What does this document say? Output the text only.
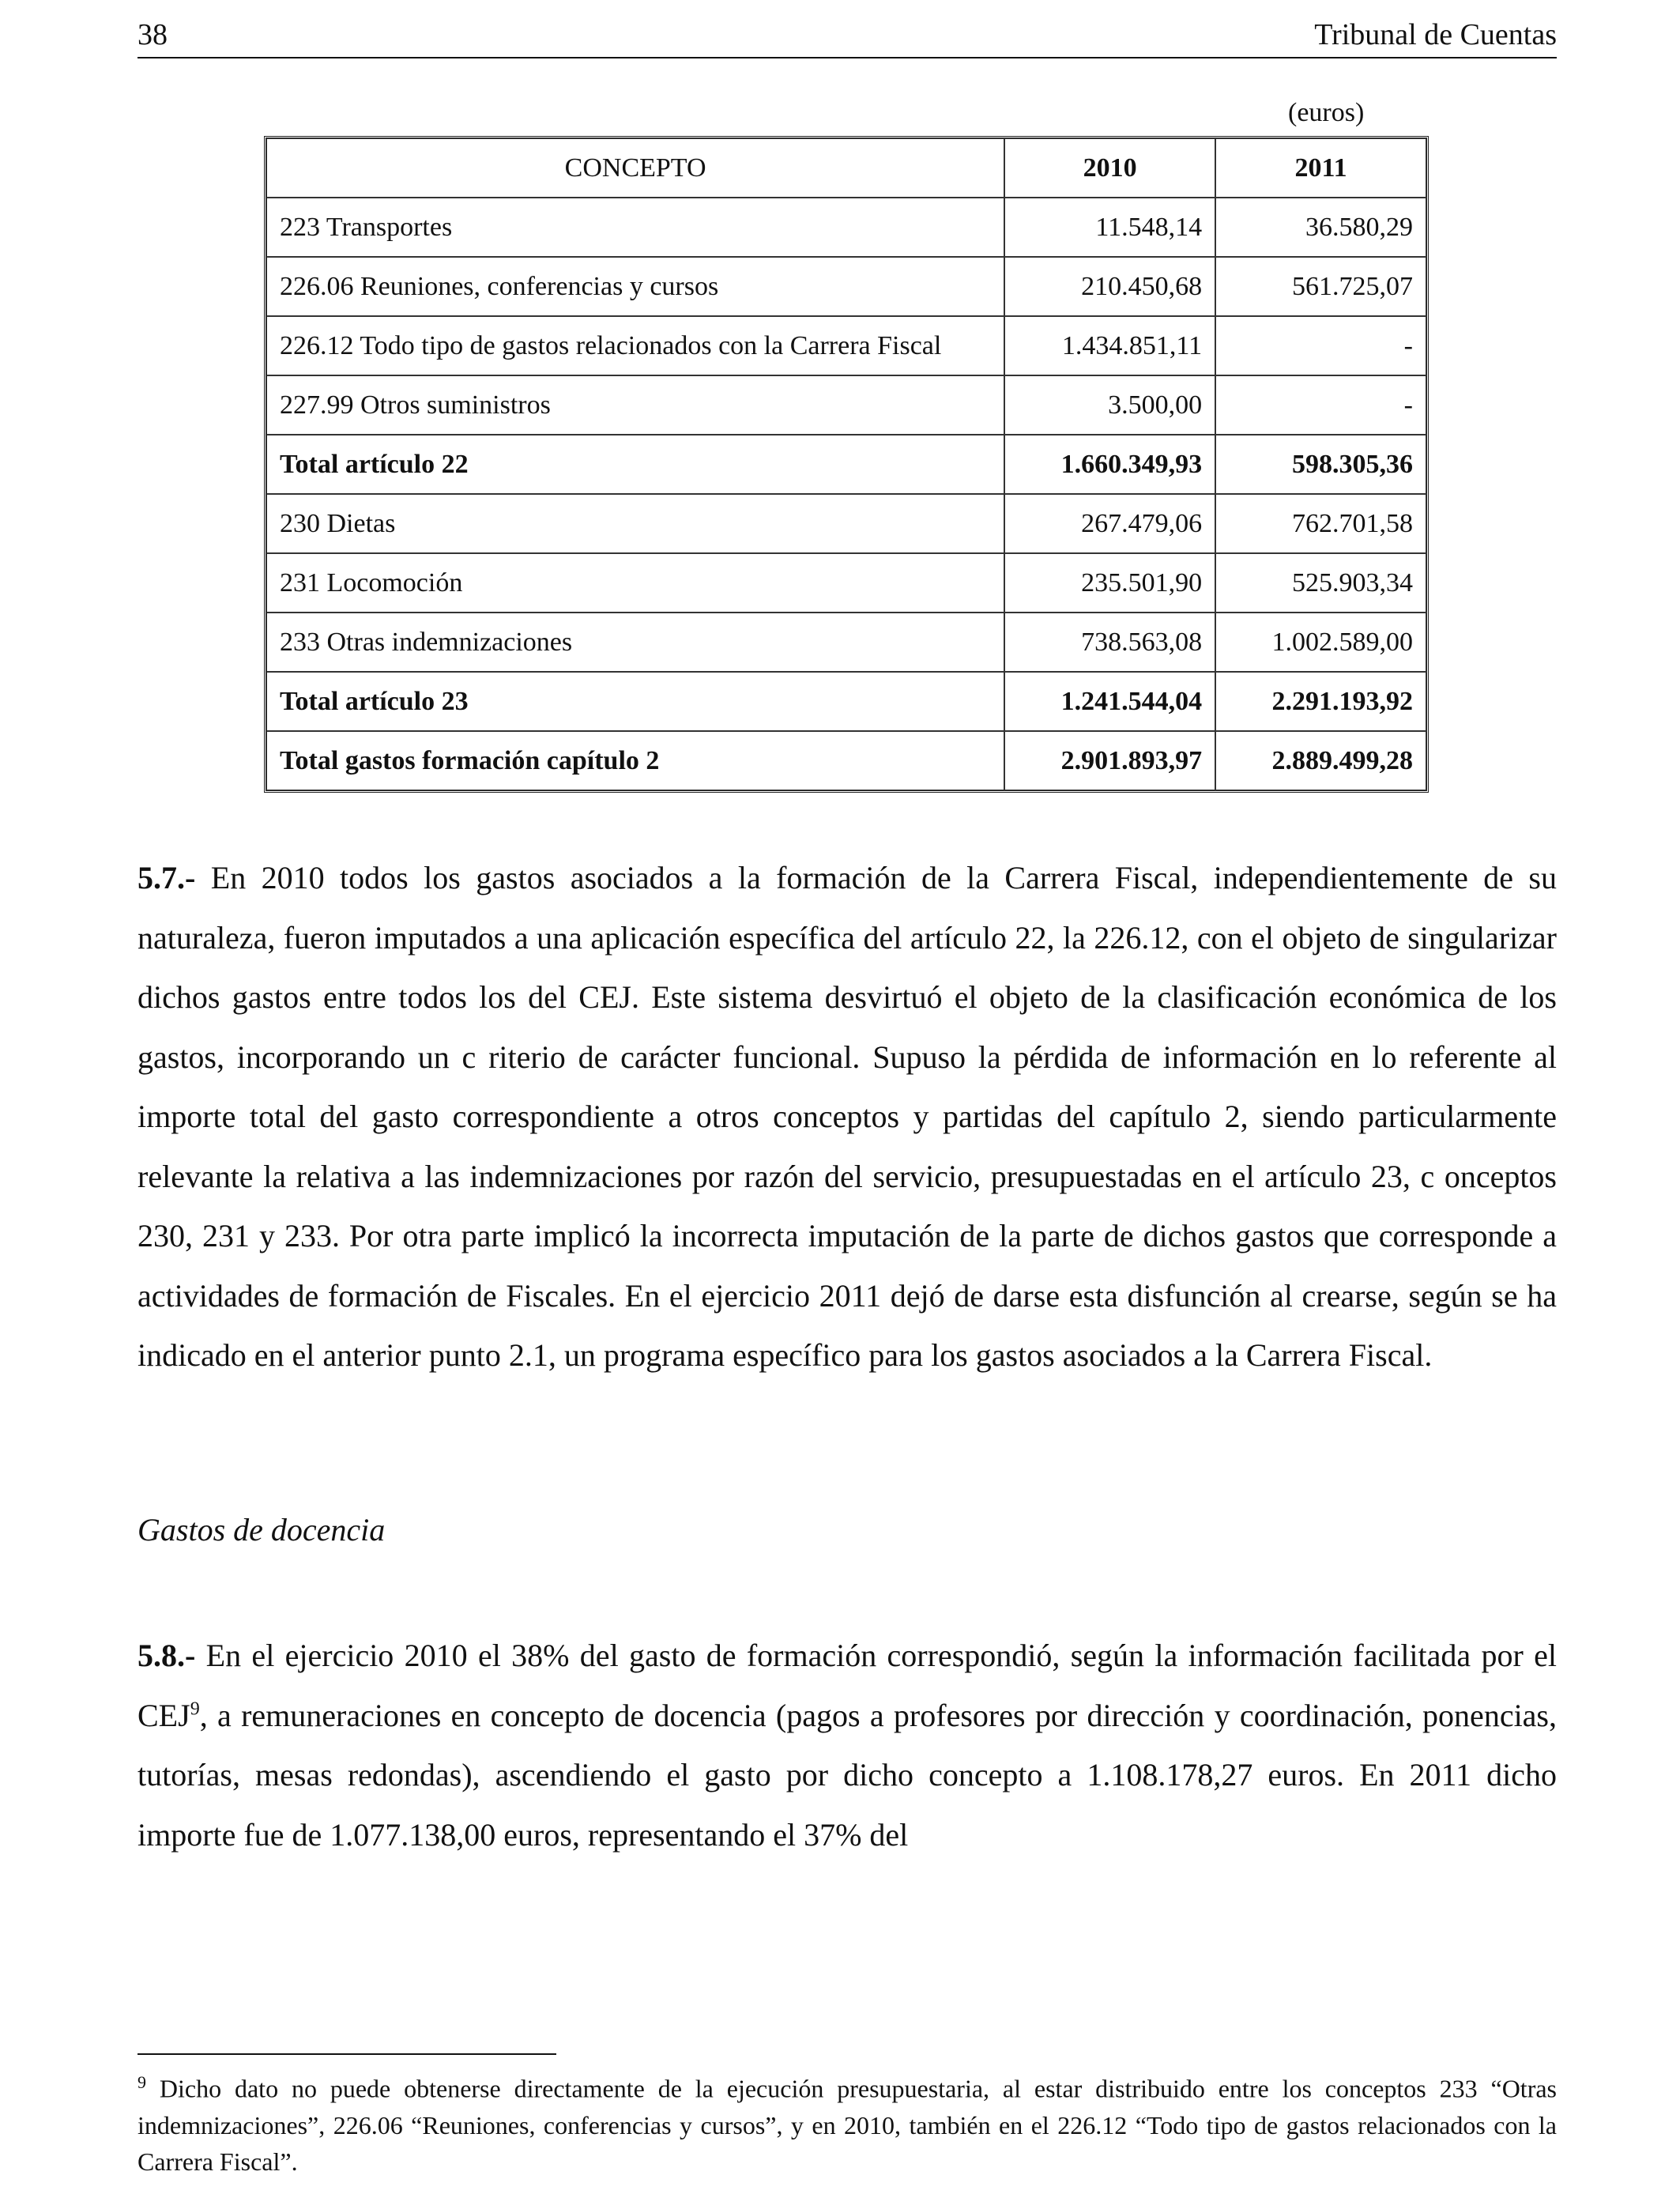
38	Tribunal de Cuentas
(euros)
CONCEPTO	2010	2011
223 Transportes	11.548,14	36.580,29
226.06 Reuniones, conferencias y cursos	210.450,68	561.725,07
226.12 Todo tipo de gastos relacionados con la Carrera Fiscal	1.434.851,11	-
227.99 Otros suministros	3.500,00	-
Total artículo 22	1.660.349,93	598.305,36
230 Dietas	267.479,06	762.701,58
231 Locomoción	235.501,90	525.903,34
233 Otras indemnizaciones	738.563,08	1.002.589,00
Total artículo 23	1.241.544,04	2.291.193,92
Total gastos formación capítulo 2	2.901.893,97	2.889.499,28

5.7.- En 2010 todos los gastos asociados a la formación de la Carrera Fiscal, independientemente de su naturaleza, fueron imputados a una aplicación específica del artículo 22, la 226.12, con el objeto de singularizar dichos gastos entre todos los del CEJ. Este sistema desvirtuó el objeto de la clasificación económica de los gastos, incorporando un c riterio de carácter funcional. Supuso la pérdida de información en lo referente al importe total del gasto correspondiente a otros conceptos y partidas del capítulo 2, siendo particularmente relevante la relativa a las indemnizaciones por razón del servicio, presupuestadas en el artículo 23, c onceptos 230, 231 y 233. Por otra parte implicó la incorrecta imputación de la parte de dichos gastos que corresponde a actividades de formación de Fiscales. En el ejercicio 2011 dejó de darse esta disfunción al crearse, según se ha indicado en el anterior punto 2.1, un programa específico para los gastos asociados a la Carrera Fiscal.

Gastos de docencia

5.8.- En el ejercicio 2010 el 38% del gasto de formación correspondió, según la información facilitada por el CEJ$^9$, a remuneraciones en concepto de docencia (pagos a profesores por dirección y coordinación, ponencias, tutorías, mesas redondas), ascendiendo el gasto por dicho concepto a 1.108.178,27 euros. En 2011 dicho importe fue de 1.077.138,00 euros, representando el 37% del

$^9$ Dicho dato no puede obtenerse directamente de la ejecución presupuestaria, al estar distribuido entre los conceptos 233 “Otras indemnizaciones”, 226.06 “Reuniones, conferencias y cursos”, y en 2010, también en el 226.12 “Todo tipo de gastos relacionados con la Carrera Fiscal”.
